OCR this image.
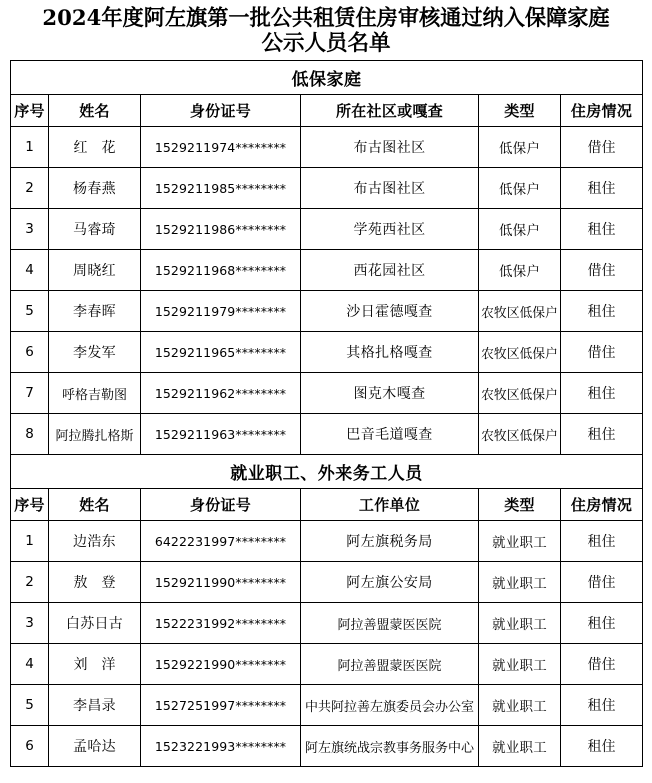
2024年度阿左旗第一批公共租赁住房审核通过纳入保障家庭
公示人员名单
低保家庭					
序号	姓名	身份证号	所在社区或嘎查	类型	住房情况
1	红　花	1529211974********	布古图社区	低保户	借住
2	杨春燕	1529211985********	布古图社区	低保户	租住
3	马睿琦	1529211986********	学苑西社区	低保户	租住
4	周晓红	1529211968********	西花园社区	低保户	借住
5	李春晖	1529211979********	沙日霍德嘎查	农牧区低保户	租住
6	李发军	1529211965********	其格扎格嘎查	农牧区低保户	借住
7	呼格吉勒图	1529211962********	图克木嘎查	农牧区低保户	租住
8	阿拉腾扎格斯	1529211963********	巴音毛道嘎查	农牧区低保户	租住
就业职工、外来务工人员					
序号	姓名	身份证号	工作单位	类型	住房情况
1	边浩东	6422231997********	阿左旗税务局	就业职工	租住
2	敖　登	1529211990********	阿左旗公安局	就业职工	借住
3	白苏日古	1522231992********	阿拉善盟蒙医医院	就业职工	租住
4	刘　洋	1529221990********	阿拉善盟蒙医医院	就业职工	借住
5	李昌录	1527251997********	中共阿拉善左旗委员会办公室	就业职工	租住
6	孟哈达	1523221993********	阿左旗统战宗教事务服务中心	就业职工	租住
